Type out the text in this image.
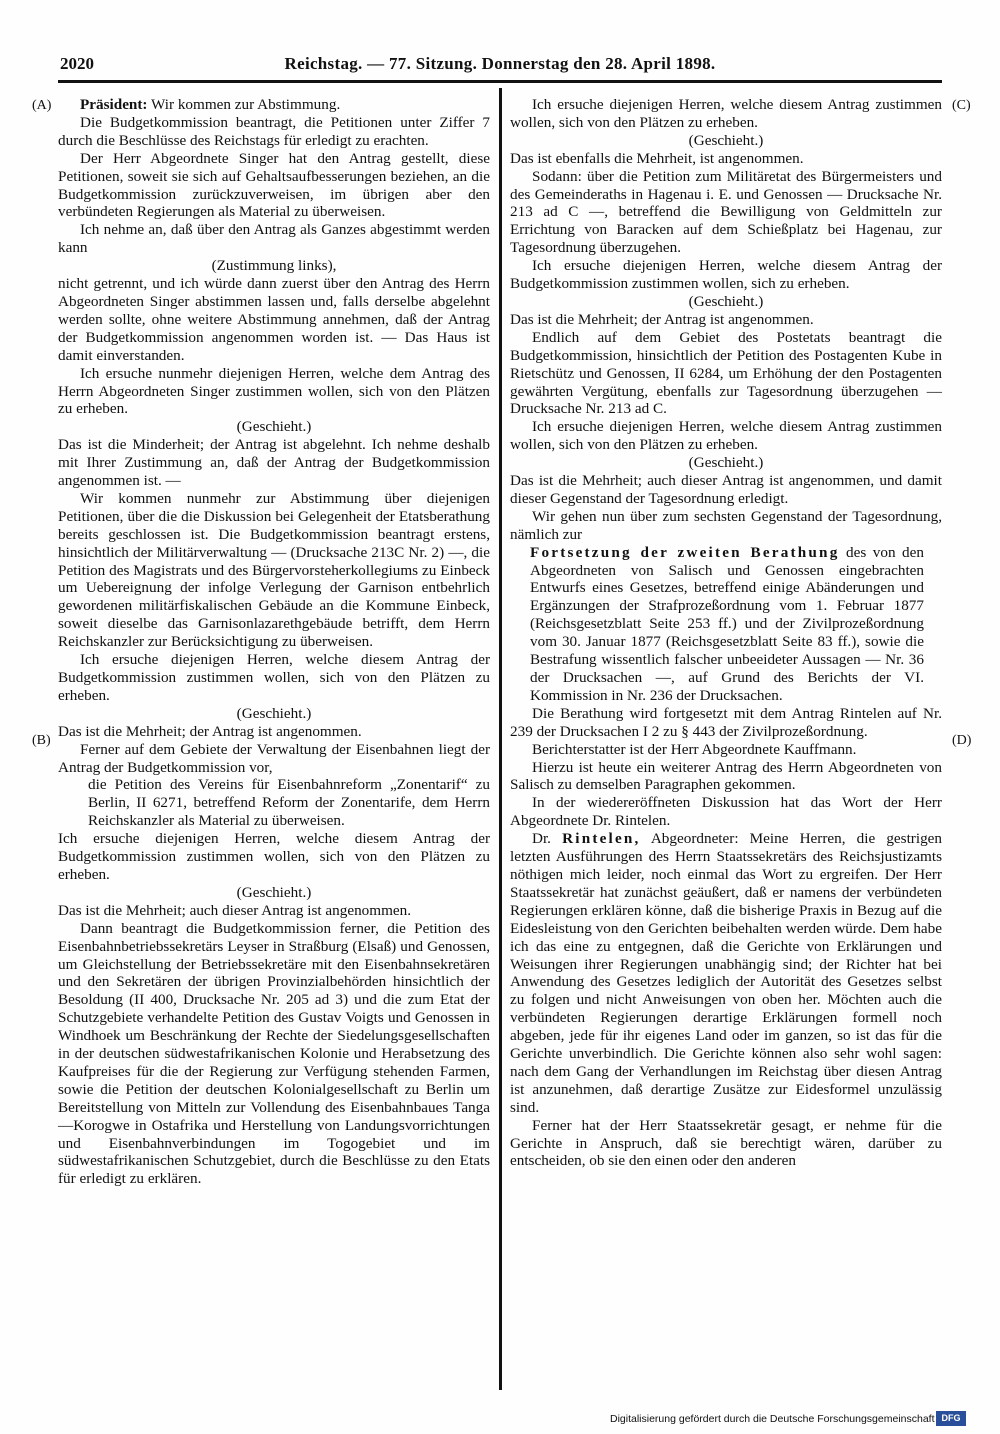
2020	Reichstag. — 77. Sitzung. Donnerstag den 28. April 1898.
(A)
(B)
(C)
(D)

Präsident: Wir kommen zur Abstimmung.

Die Budgetkommission beantragt, die Petitionen unter Ziffer 7 durch die Beschlüsse des Reichstags für erledigt zu erachten.

Der Herr Abgeordnete Singer hat den Antrag gestellt, diese Petitionen, soweit sie sich auf Gehaltsaufbesserungen beziehen, an die Budgetkommission zurückzuverweisen, im übrigen aber den verbündeten Regierungen als Material zu überweisen.

Ich nehme an, daß über den Antrag als Ganzes abgestimmt werden kann

(Zustimmung links),

nicht getrennt, und ich würde dann zuerst über den Antrag des Herrn Abgeordneten Singer abstimmen lassen und, falls derselbe abgelehnt werden sollte, ohne weitere Abstimmung annehmen, daß der Antrag der Budgetkommission angenommen worden ist. — Das Haus ist damit einverstanden.

Ich ersuche nunmehr diejenigen Herren, welche dem Antrag des Herrn Abgeordneten Singer zustimmen wollen, sich von den Plätzen zu erheben.

(Geschieht.)

Das ist die Minderheit; der Antrag ist abgelehnt. Ich nehme deshalb mit Ihrer Zustimmung an, daß der Antrag der Budgetkommission angenommen ist. —

Wir kommen nunmehr zur Abstimmung über diejenigen Petitionen, über die die Diskussion bei Gelegenheit der Etatsberathung bereits geschlossen ist. Die Budgetkommission beantragt erstens, hinsichtlich der Militärverwaltung — (Drucksache 213C Nr. 2) —, die Petition des Magistrats und des Bürgervorsteherkollegiums zu Einbeck um Uebereignung der infolge Verlegung der Garnison entbehrlich gewordenen militärfiskalischen Gebäude an die Kommune Einbeck, soweit dieselbe das Garnisonlazarethgebäude betrifft, dem Herrn Reichskanzler zur Berücksichtigung zu überweisen.

Ich ersuche diejenigen Herren, welche diesem Antrag der Budgetkommission zustimmen wollen, sich von den Plätzen zu erheben.

(Geschieht.)

Das ist die Mehrheit; der Antrag ist angenommen.

Ferner auf dem Gebiete der Verwaltung der Eisenbahnen liegt der Antrag der Budgetkommission vor,

die Petition des Vereins für Eisenbahnreform „Zonentarif“ zu Berlin, II 6271, betreffend Reform der Zonentarife, dem Herrn Reichskanzler als Material zu überweisen.

Ich ersuche diejenigen Herren, welche diesem Antrag der Budgetkommission zustimmen wollen, sich von den Plätzen zu erheben.

(Geschieht.)

Das ist die Mehrheit; auch dieser Antrag ist angenommen.

Dann beantragt die Budgetkommission ferner, die Petition des Eisenbahnbetriebssekretärs Leyser in Straßburg (Elsaß) und Genossen, um Gleichstellung der Betriebssekretäre mit den Eisenbahnsekretären und den Sekretären der übrigen Provinzialbehörden hinsichtlich der Besoldung (II 400, Drucksache Nr. 205 ad 3) und die zum Etat der Schutzgebiete verhandelte Petition des Gustav Voigts und Genossen in Windhoek um Beschränkung der Rechte der Siedelungsgesellschaften in der deutschen südwestafrikanischen Kolonie und Herabsetzung des Kaufpreises für die der Regierung zur Verfügung stehenden Farmen, sowie die Petition der deutschen Kolonialgesellschaft zu Berlin um Bereitstellung von Mitteln zur Vollendung des Eisenbahnbaues Tanga—Korogwe in Ostafrika und Herstellung von Landungsvorrichtungen und Eisenbahnverbindungen im Togogebiet und im südwestafrikanischen Schutzgebiet, durch die Beschlüsse zu den Etats für erledigt zu erklären.

Ich ersuche diejenigen Herren, welche diesem Antrag zustimmen wollen, sich von den Plätzen zu erheben.

(Geschieht.)

Das ist ebenfalls die Mehrheit, ist angenommen.

Sodann: über die Petition zum Militäretat des Bürgermeisters und des Gemeinderaths in Hagenau i. E. und Genossen — Drucksache Nr. 213 ad C —, betreffend die Bewilligung von Geldmitteln zur Errichtung von Baracken auf dem Schießplatz bei Hagenau, zur Tagesordnung überzugehen.

Ich ersuche diejenigen Herren, welche diesem Antrag der Budgetkommission zustimmen wollen, sich zu erheben.

(Geschieht.)

Das ist die Mehrheit; der Antrag ist angenommen.

Endlich auf dem Gebiet des Postetats beantragt die Budgetkommission, hinsichtlich der Petition des Postagenten Kube in Rietschütz und Genossen, II 6284, um Erhöhung der den Postagenten gewährten Vergütung, ebenfalls zur Tagesordnung überzugehen — Drucksache Nr. 213 ad C.

Ich ersuche diejenigen Herren, welche diesem Antrag zustimmen wollen, sich von den Plätzen zu erheben.

(Geschieht.)

Das ist die Mehrheit; auch dieser Antrag ist angenommen, und damit dieser Gegenstand der Tagesordnung erledigt.

Wir gehen nun über zum sechsten Gegenstand der Tagesordnung, nämlich zur

Fortsetzung der zweiten Berathung des von den Abgeordneten von Salisch und Genossen eingebrachten Entwurfs eines Gesetzes, betreffend einige Abänderungen und Ergänzungen der Strafprozeßordnung vom 1. Februar 1877 (Reichsgesetzblatt Seite 253 ff.) und der Zivilprozeßordnung vom 30. Januar 1877 (Reichsgesetzblatt Seite 83 ff.), sowie die Bestrafung wissentlich falscher unbeeideter Aussagen — Nr. 36 der Drucksachen —, auf Grund des Berichts der VI. Kommission in Nr. 236 der Drucksachen.

Die Berathung wird fortgesetzt mit dem Antrag Rintelen auf Nr. 239 der Drucksachen I 2 zu § 443 der Zivilprozeßordnung.

Berichterstatter ist der Herr Abgeordnete Kauffmann.

Hierzu ist heute ein weiterer Antrag des Herrn Abgeordneten von Salisch zu demselben Paragraphen gekommen.

In der wiedereröffneten Diskussion hat das Wort der Herr Abgeordnete Dr. Rintelen.

Dr. Rintelen, Abgeordneter: Meine Herren, die gestrigen letzten Ausführungen des Herrn Staatssekretärs des Reichsjustizamts nöthigen mich leider, noch einmal das Wort zu ergreifen. Der Herr Staatssekretär hat zunächst geäußert, daß er namens der verbündeten Regierungen erklären könne, daß die bisherige Praxis in Bezug auf die Eidesleistung von den Gerichten beibehalten werden würde. Dem habe ich das eine zu entgegnen, daß die Gerichte von Erklärungen und Weisungen ihrer Regierungen unabhängig sind; der Richter hat bei Anwendung des Gesetzes lediglich der Autorität des Gesetzes selbst zu folgen und nicht Anweisungen von oben her. Möchten auch die verbündeten Regierungen derartige Erklärungen formell noch abgeben, jede für ihr eigenes Land oder im ganzen, so ist das für die Gerichte unverbindlich. Die Gerichte können also sehr wohl sagen: nach dem Gang der Verhandlungen im Reichstag über diesen Antrag ist anzunehmen, daß derartige Zusätze zur Eidesformel unzulässig sind.

Ferner hat der Herr Staatssekretär gesagt, er nehme für die Gerichte in Anspruch, daß sie berechtigt wären, darüber zu entscheiden, ob sie den einen oder den anderen

Digitalisierung gefördert durch die Deutsche Forschungsgemeinschaft DFG
